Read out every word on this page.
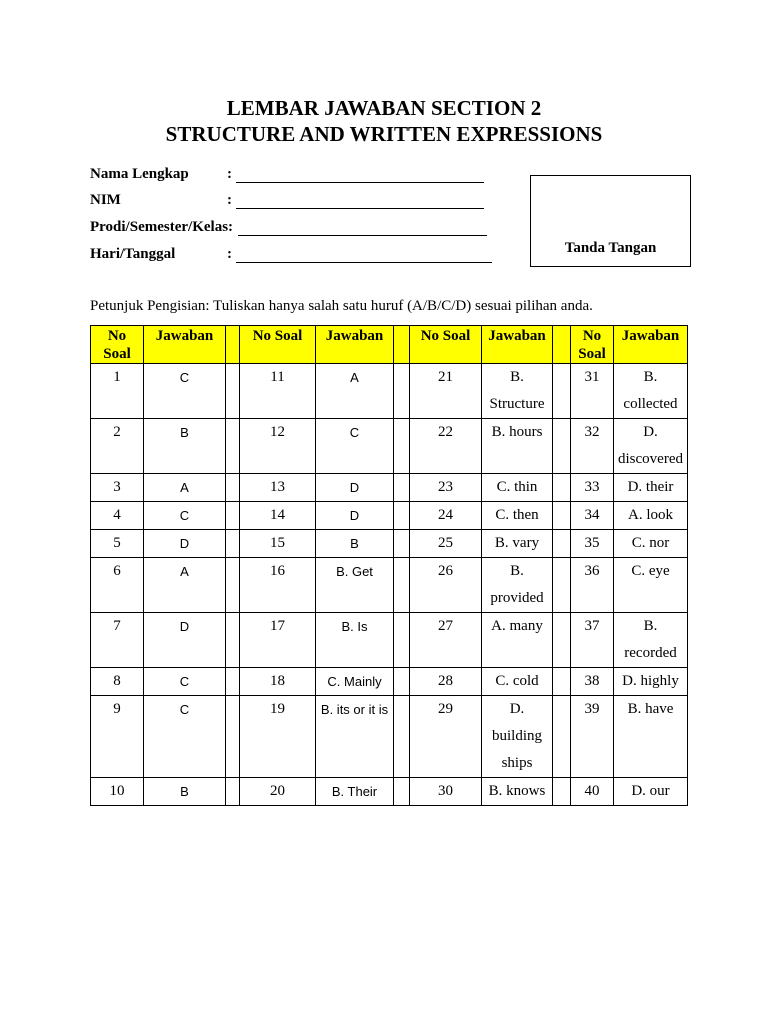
LEMBAR JAWABAN SECTION 2
STRUCTURE AND WRITTEN EXPRESSIONS
Nama Lengkap	:
NIM	:
Prodi/Semester/Kelas:
Hari/Tanggal	:	Tanda Tangan
Petunjuk Pengisian: Tuliskan hanya salah satu huruf (A/B/C/D) sesuai pilihan anda.
No Soal	Jawaban		No Soal	Jawaban		No Soal	Jawaban		No Soal	Jawaban
1	C		11	A		21	B. Structure		31	B. collected
2	B		12	C		22	B. hours		32	D. discovered
3	A		13	D		23	C. thin		33	D. their
4	C		14	D		24	C. then		34	A. look
5	D		15	B		25	B. vary		35	C. nor
6	A		16	B. Get		26	B. provided		36	C. eye
7	D		17	B. Is		27	A. many		37	B. recorded
8	C		18	C. Mainly		28	C. cold		38	D. highly
9	C		19	B. its or it is		29	D. building ships		39	B. have
10	B		20	B. Their		30	B. knows		40	D. our
